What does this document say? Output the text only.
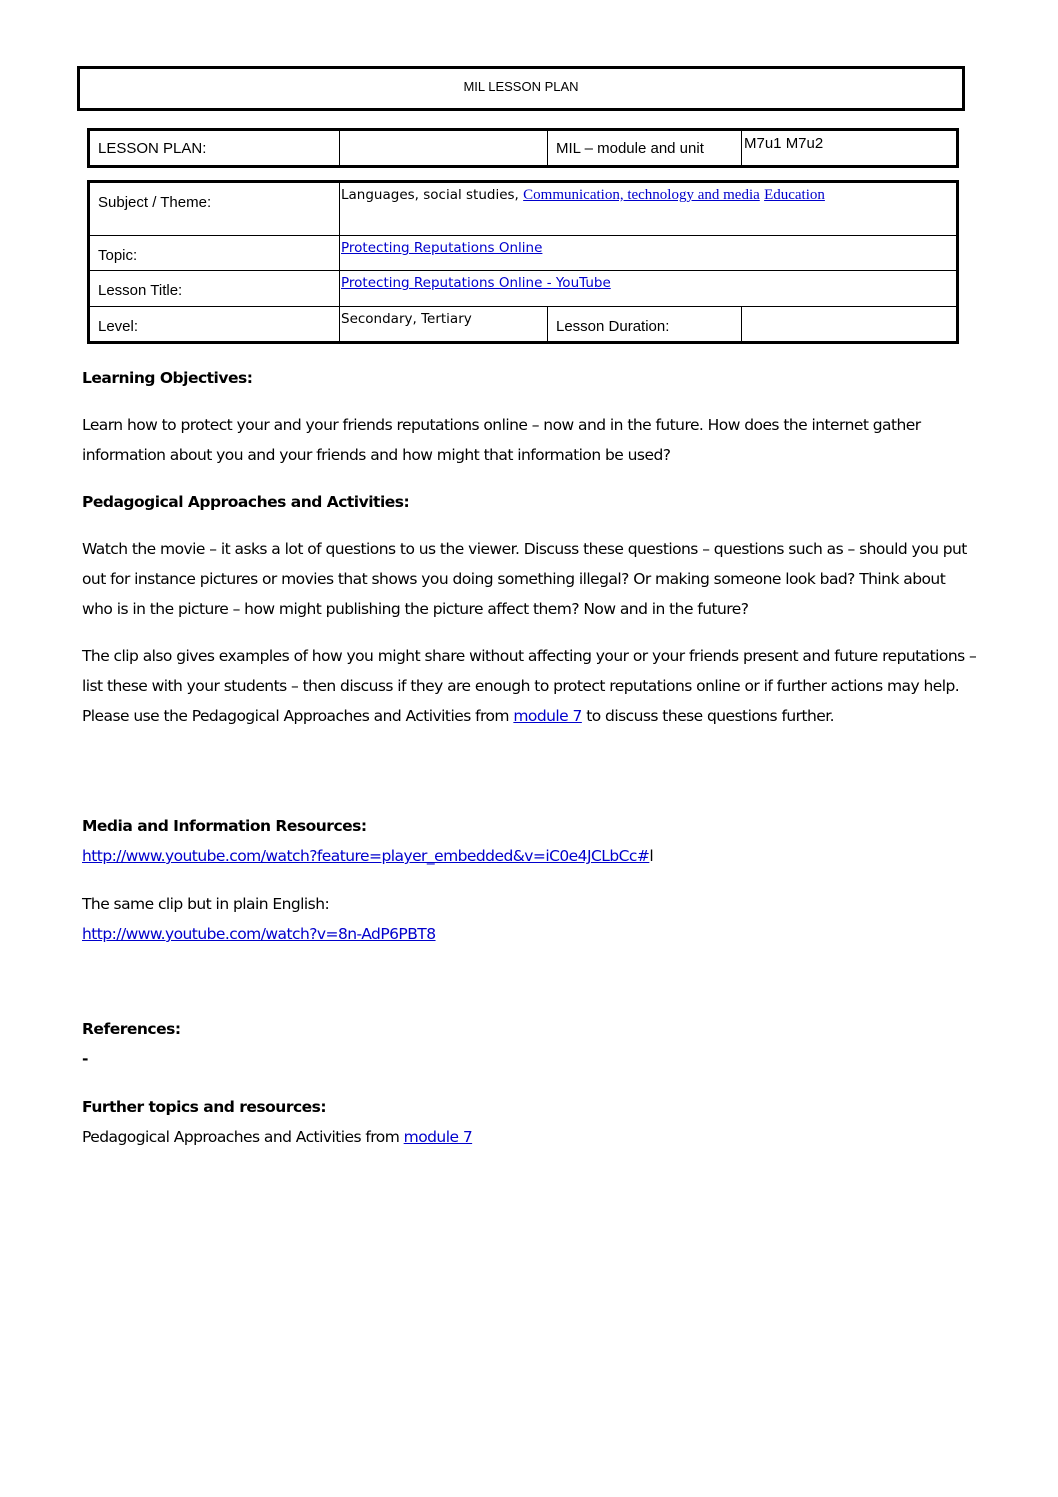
MIL LESSON PLAN
LESSON PLAN:		MIL – module and unit	M7u1 M7u2
Subject / Theme:	Languages, social studies, Communication, technology and media Education		
Topic:	Protecting Reputations Online		
Lesson Title:	Protecting Reputations Online - YouTube		
Level:	Secondary, Tertiary	Lesson Duration:	

Learning Objectives:

Learn how to protect your and your friends reputations online – now and in the future. How does the internet gather information about you and your friends and how might that information be used?

Pedagogical Approaches and Activities:

Watch the movie – it asks a lot of questions to us the viewer. Discuss these questions – questions such as – should you put out for instance pictures or movies that shows you doing something illegal? Or making someone look bad? Think about who is in the picture – how might publishing the picture affect them? Now and in the future?

The clip also gives examples of how you might share without affecting your or your friends present and future reputations – list these with your students – then discuss if they are enough to protect reputations online or if further actions may help. Please use the Pedagogical Approaches and Activities from module 7 to discuss these questions further.

Media and Information Resources:

http://www.youtube.com/watch?feature=player_embedded&v=iC0e4JCLbCc#l

The same clip but in plain English:

http://www.youtube.com/watch?v=8n-AdP6PBT8

References:

-

Further topics and resources:

Pedagogical Approaches and Activities from module 7
